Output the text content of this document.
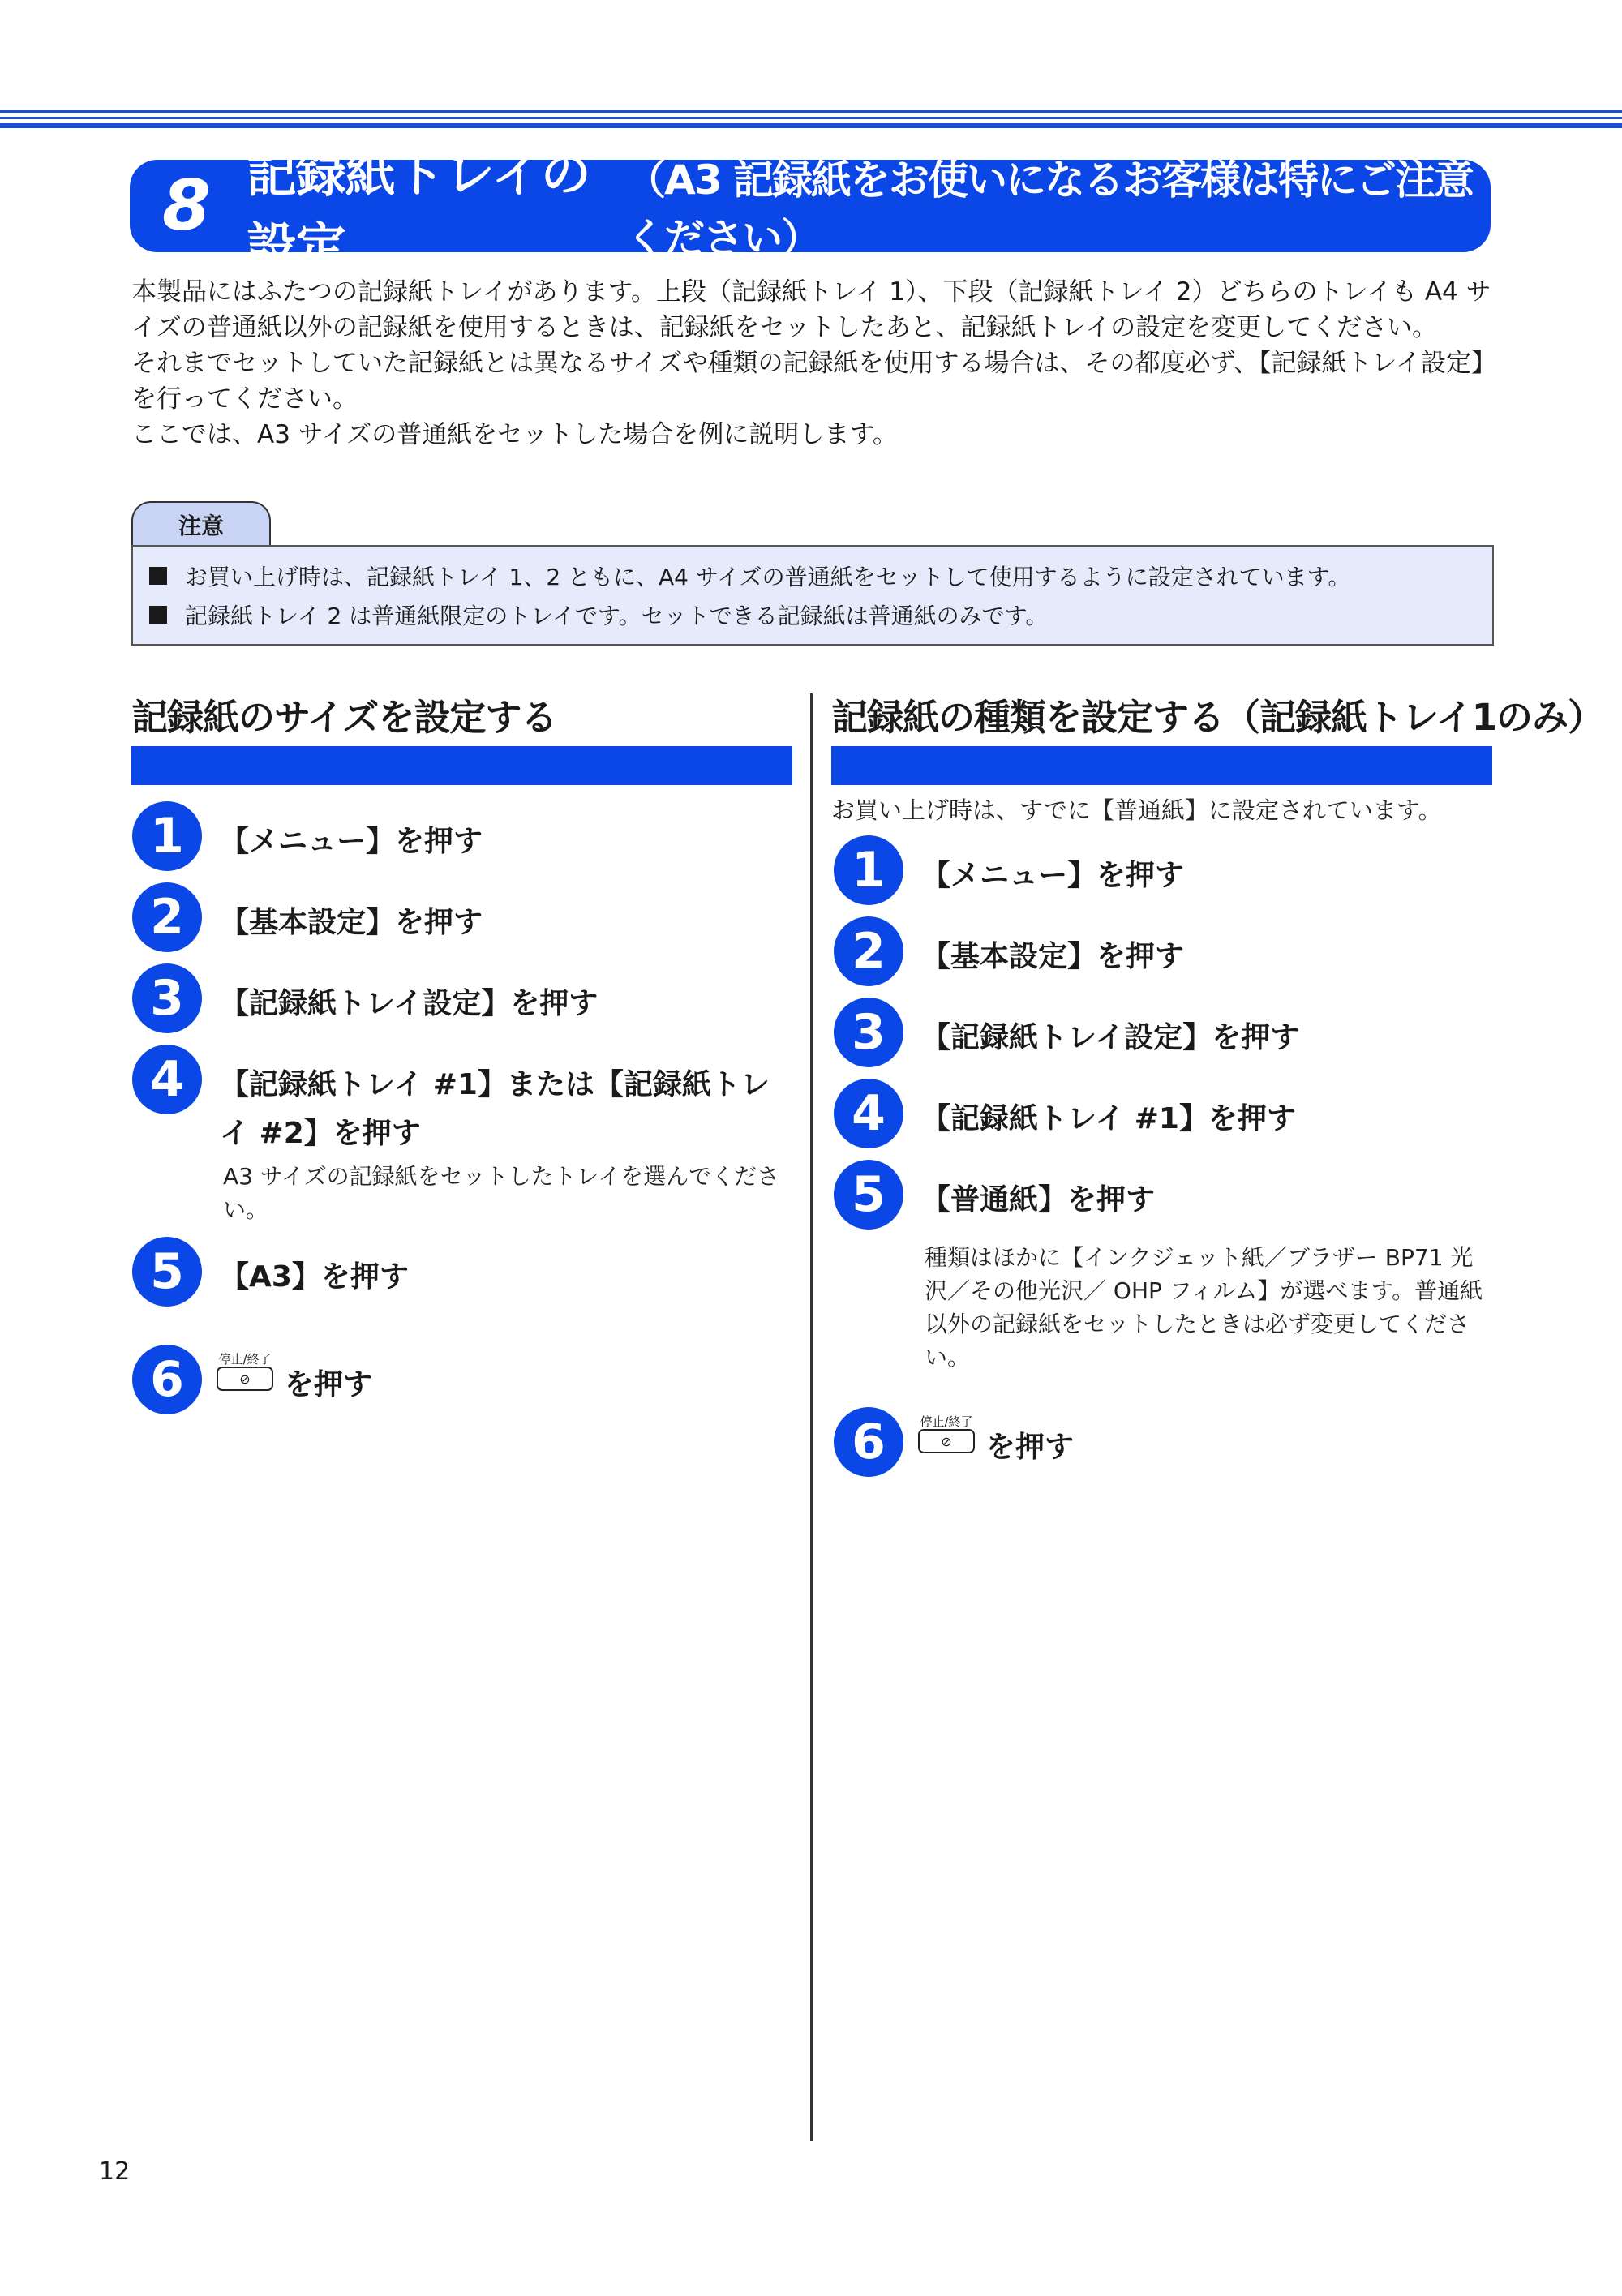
8 記録紙トレイの設定
（A3 記録紙をお使いになるお客様は特にご注意ください）

本製品にはふたつの記録紙トレイがあります。上段（記録紙トレイ 1）、下段（記録紙トレイ 2）どちらのトレイも A4 サイズの普通紙以外の記録紙を使用するときは、記録紙をセットしたあと、記録紙トレイの設定を変更してください。

それまでセットしていた記録紙とは異なるサイズや種類の記録紙を使用する場合は、その都度必ず、【記録紙トレイ設定】を行ってください。

ここでは、A3 サイズの普通紙をセットした場合を例に説明します。

注意
お買い上げ時は、記録紙トレイ 1、2 ともに、A4 サイズの普通紙をセットして使用するように設定されています。
記録紙トレイ 2 は普通紙限定のトレイです。セットできる記録紙は普通紙のみです。
記録紙のサイズを設定する
1	【メニュー】を押す
2	【基本設定】を押す
3	【記録紙トレイ設定】を押す
4	【記録紙トレイ #1】または【記録紙トレイ #2】を押す
A3 サイズの記録紙をセットしたトレイを選んでください。
5	【A3】を押す
6	停止/終了
⊘	を押す
記録紙の種類を設定する（記録紙トレイ1のみ）
お買い上げ時は、すでに【普通紙】に設定されています。
1	【メニュー】を押す
2	【基本設定】を押す
3	【記録紙トレイ設定】を押す
4	【記録紙トレイ #1】を押す
5	【普通紙】を押す
種類はほかに【インクジェット紙／ブラザー BP71 光沢／その他光沢／ OHP フィルム】が選べます。普通紙以外の記録紙をセットしたときは必ず変更してください。
6	停止/終了
⊘	を押す
12
